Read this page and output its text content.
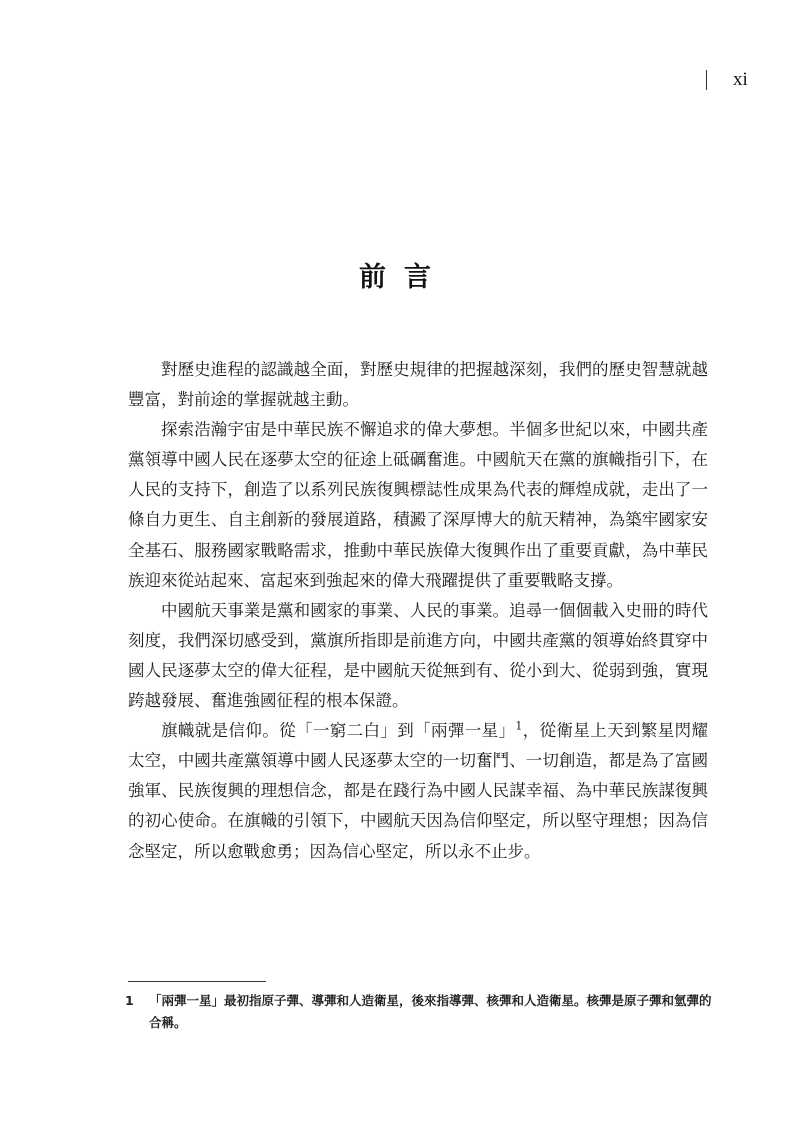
xi
前言

對歷史進程的認識越全面，對歷史規律的把握越深刻，我們的歷史智慧就越豐富，對前途的掌握就越主動。

探索浩瀚宇宙是中華民族不懈追求的偉大夢想。半個多世紀以來，中國共產黨領導中國人民在逐夢太空的征途上砥礪奮進。中國航天在黨的旗幟指引下，在人民的支持下，創造了以系列民族復興標誌性成果為代表的輝煌成就，走出了一條自力更生、自主創新的發展道路，積澱了深厚博大的航天精神，為築牢國家安全基石、服務國家戰略需求，推動中華民族偉大復興作出了重要貢獻，為中華民族迎來從站起來、富起來到強起來的偉大飛躍提供了重要戰略支撐。

中國航天事業是黨和國家的事業、人民的事業。追尋一個個載入史冊的時代刻度，我們深切感受到，黨旗所指即是前進方向，中國共產黨的領導始終貫穿中國人民逐夢太空的偉大征程，是中國航天從無到有、從小到大、從弱到強，實現跨越發展、奮進強國征程的根本保證。

旗幟就是信仰。從「一窮二白」到「兩彈一星」$^1$，從衛星上天到繁星閃耀太空，中國共產黨領導中國人民逐夢太空的一切奮鬥、一切創造，都是為了富國強軍、民族復興的理想信念，都是在踐行為中國人民謀幸福、為中華民族謀復興的初心使命。在旗幟的引領下，中國航天因為信仰堅定，所以堅守理想；因為信念堅定，所以愈戰愈勇；因為信心堅定，所以永不止步。

1	「兩彈一星」最初指原子彈、導彈和人造衛星，後來指導彈、核彈和人造衛星。核彈是原子彈和氫彈的合稱。
